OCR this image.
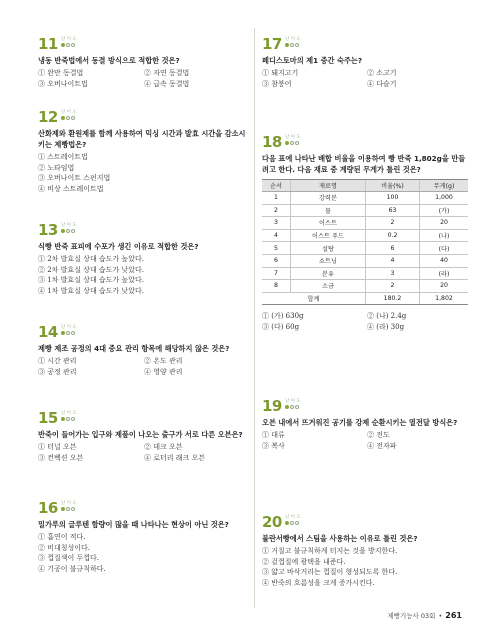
11 난 이 도
냉동 반죽법에서 동결 방식으로 적합한 것은?
① 완만 동결법	② 자연 동결법
③ 오버나이트법	④ 급속 동결법
12 난 이 도
산화제와 환원제를 함께 사용하여 믹싱 시간과 발효 시간을 감소시키는 제빵법은?
① 스트레이트법
② 노타임법
③ 오버나이트 스펀지법
④ 비상 스트레이트법
13 난 이 도
식빵 반죽 표피에 수포가 생긴 이유로 적합한 것은?
① 2차 발효실 상대 습도가 높았다.
② 2차 발효실 상대 습도가 낮았다.
③ 1차 발효실 상대 습도가 높았다.
④ 1차 발효실 상대 습도가 낮았다.
14 난 이 도
제빵 제조 공정의 4대 중요 관리 항목에 해당하지 않은 것은?
① 시간 관리	② 온도 관리
③ 공정 관리	④ 영양 관리
15 난 이 도
반죽이 들어가는 입구와 제품이 나오는 출구가 서로 다른 오븐은?
① 터널 오븐	② 데크 오븐
③ 컨벡션 오븐	④ 로터리 래크 오븐
16 난 이 도
밀가루의 글루텐 함량이 많을 때 나타나는 현상이 아닌 것은?
① 흡연이 적다.
② 비대칭성이다.
③ 껍질색이 두껍다.
④ 기공이 불규칙하다.
17 난 이 도
페디스토마의 제1 중간 숙주는?
① 돼지고기	② 소고기
③ 참붕어	④ 다슬기
18 난 이 도
다음 표에 나타난 배합 비율을 이용하여 빵 반죽 1,802g을 만들려고 한다. 다음 재료 중 계량된 무게가 틀린 것은?
순서	재료명	비율(%)	무게(g)
1	강력분	100	1,000
2	물	63	(가)
3	이스트	2	20
4	이스트 푸드	0.2	(나)
5	설탕	6	(다)
6	쇼트닝	4	40
7	분유	3	(라)
8	소금	2	20
합계		180.2	1,802
① (가) 630g	② (나) 2.4g
③ (다) 60g	④ (라) 30g
19 난 이 도
오븐 내에서 뜨거워진 공기를 강제 순환시키는 열전달 방식은?
① 대류	② 전도
③ 복사	④ 전자파
20 난 이 도
불란서빵에서 스팀을 사용하는 이유로 틀린 것은?
① 거칠고 불규칙하게 터지는 것을 방지한다.
② 겉껍질에 광택을 내준다.
③ 얇고 바삭거리는 껍질이 형성되도록 한다.
④ 반죽의 흐름성을 크게 증가시킨다.
제빵기능사 03회 • 261
